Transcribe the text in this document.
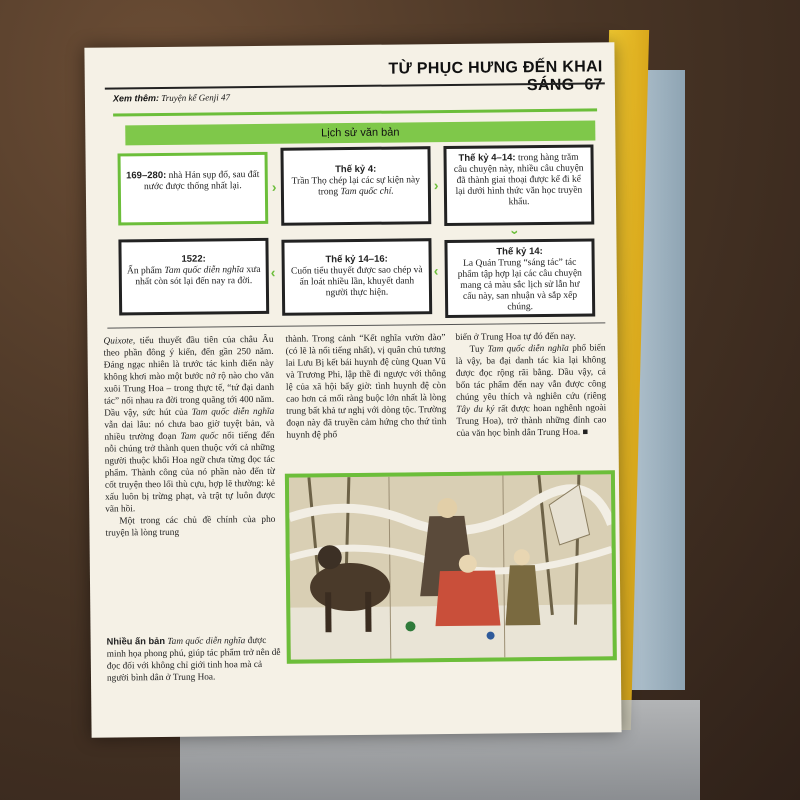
TỪ PHỤC HƯNG ĐẾN KHAI SÁNG 67
Xem thêm: Truyện kể Genji 47
Lịch sử văn bản
169–280: nhà Hán sụp đổ, sau đất nước được thống nhất lại.	›
Thế kỷ 4:
Trần Thọ chép lại các sự kiện này trong Tam quốc chí.	›
Thế kỷ 4–14: trong hàng trăm câu chuyện này, nhiều câu chuyện đã thành giai thoại được kể đi kể lại dưới hình thức văn học truyền khẩu.
›
1522:
Ấn phẩm Tam quốc diễn nghĩa xưa nhất còn sót lại đến nay ra đời.	›
Thế kỷ 14–16:
Cuốn tiểu thuyết được sao chép và ấn loát nhiều lần, khuyết danh người thực hiện.
›
Thế kỷ 14:
La Quán Trung “sáng tác” tác phẩm tập hợp lại các câu chuyện mang cả màu sắc lịch sử lẫn hư cấu này, san nhuận và sắp xếp chúng.
Quixote, tiểu thuyết đầu tiên của châu Âu theo phần đông ý kiến, đến gần 250 năm. Đáng ngạc nhiên là trước tác kinh điển này không khơi mào một bước nở rộ nào cho văn xuôi Trung Hoa – trong thực tế, “tứ đại danh tác” nối nhau ra đời trong quãng tới 400 năm. Dầu vậy, sức hút của Tam quốc diễn nghĩa vẫn dai lâu: nó chưa bao giờ tuyệt bản, và nhiều trường đoạn Tam quốc nổi tiếng đến nỗi chúng trở thành quen thuộc với cả những người thuộc khối Hoa ngữ chưa từng đọc tác phẩm. Thành công của nó phần nào đến từ cốt truyện theo lối thù cựu, hợp lẽ thường: kẻ xấu luôn bị trừng phạt, và trật tự luôn được vãn hồi.
Một trong các chủ đề chính của pho truyện là lòng trung
thành. Trong cảnh “Kết nghĩa vườn đào” (có lẽ là nổi tiếng nhất), vị quân chủ tương lai Lưu Bị kết bái huynh đệ cùng Quan Vũ và Trương Phi, lập thề đi ngược với thông lệ của xã hội bấy giờ: tình huynh đệ còn cao hơn cả mối ràng buộc lớn nhất là lòng trung bất khả tư nghị với dòng tộc. Trường đoạn này đã truyền cảm hứng cho thứ tình huynh đệ phổ
biến ở Trung Hoa tự đó đến nay.
Tuy Tam quốc diễn nghĩa phổ biến là vậy, ba đại danh tác kia lại không được đọc rộng rãi bằng. Dầu vậy, cả bốn tác phẩm đến nay vẫn được công chúng yêu thích và nghiên cứu (riêng Tây du ký rất được hoan nghênh ngoài Trung Hoa), trở thành những đỉnh cao của văn học bình dân Trung Hoa. ■
Nhiều ấn bản Tam quốc diễn nghĩa được minh họa phong phú, giúp tác phẩm trở nên dễ đọc đối với không chỉ giới tinh hoa mà cả người bình dân ở Trung Hoa.
